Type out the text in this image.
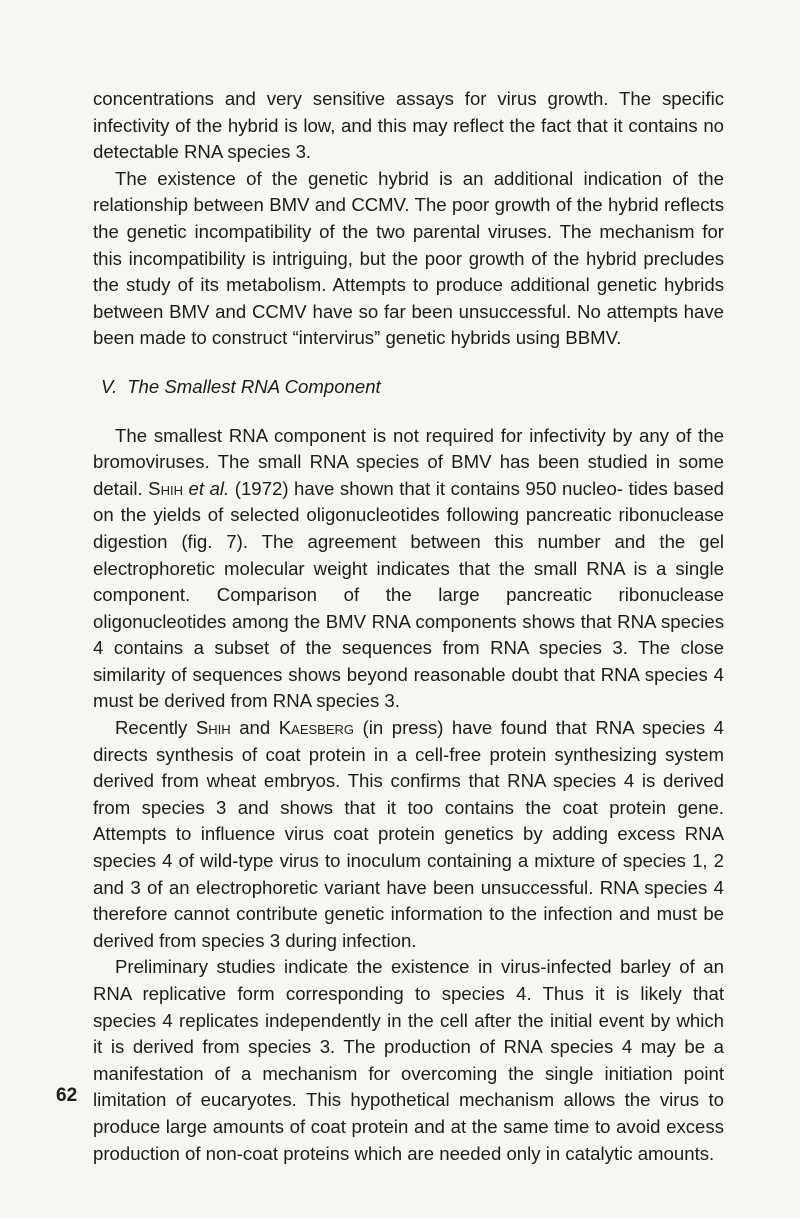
concentrations and very sensitive assays for virus growth. The specific infectivity of the hybrid is low, and this may reflect the fact that it contains no detectable RNA species 3.

The existence of the genetic hybrid is an additional indication of the relationship between BMV and CCMV. The poor growth of the hybrid reflects the genetic incompatibility of the two parental viruses. The mechanism for this incompatibility is intriguing, but the poor growth of the hybrid precludes the study of its metabolism. Attempts to produce additional genetic hybrids between BMV and CCMV have so far been unsuccessful. No attempts have been made to construct “intervirus” genetic hybrids using BBMV.

V. The Smallest RNA Component

The smallest RNA component is not required for infectivity by any of the bromoviruses. The small RNA species of BMV has been studied in some detail. Shih et al. (1972) have shown that it contains 950 nucleo- tides based on the yields of selected oligonucleotides following pancreatic ribonuclease digestion (fig. 7). The agreement between this number and the gel electrophoretic molecular weight indicates that the small RNA is a single component. Comparison of the large pancreatic ribonuclease oligonucleotides among the BMV RNA components shows that RNA species 4 contains a subset of the sequences from RNA species 3. The close similarity of sequences shows beyond reasonable doubt that RNA species 4 must be derived from RNA species 3.

Recently Shih and Kaesberg (in press) have found that RNA species 4 directs synthesis of coat protein in a cell-free protein synthesizing system derived from wheat embryos. This confirms that RNA species 4 is derived from species 3 and shows that it too contains the coat protein gene. Attempts to influence virus coat protein genetics by adding excess RNA species 4 of wild-type virus to inoculum containing a mixture of species 1, 2 and 3 of an electrophoretic variant have been unsuccessful. RNA species 4 therefore cannot contribute genetic information to the infection and must be derived from species 3 during infection.

Preliminary studies indicate the existence in virus-infected barley of an RNA replicative form corresponding to species 4. Thus it is likely that species 4 replicates independently in the cell after the initial event by which it is derived from species 3. The production of RNA species 4 may be a manifestation of a mechanism for overcoming the single initiation point limitation of eucaryotes. This hypothetical mechanism allows the virus to produce large amounts of coat protein and at the same time to avoid excess production of non-coat proteins which are needed only in catalytic amounts.

62
